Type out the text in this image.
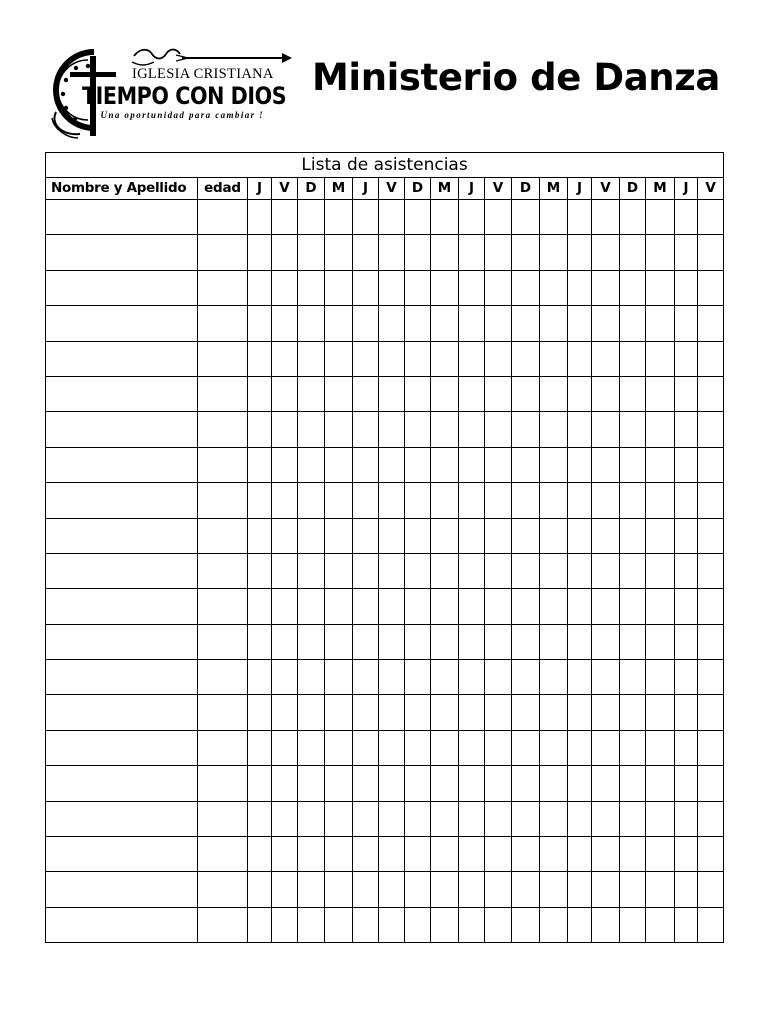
IGLESIA CRISTIANA

TIEMPO CON DIOS

¡ Una oportunidad para cambiar !

Ministerio de Danza
Lista de asistencias																			
Nombre y Apellido	edad	J	V	D	M	J	V	D	M	J	V	D	M	J	V	D	M	J	V
